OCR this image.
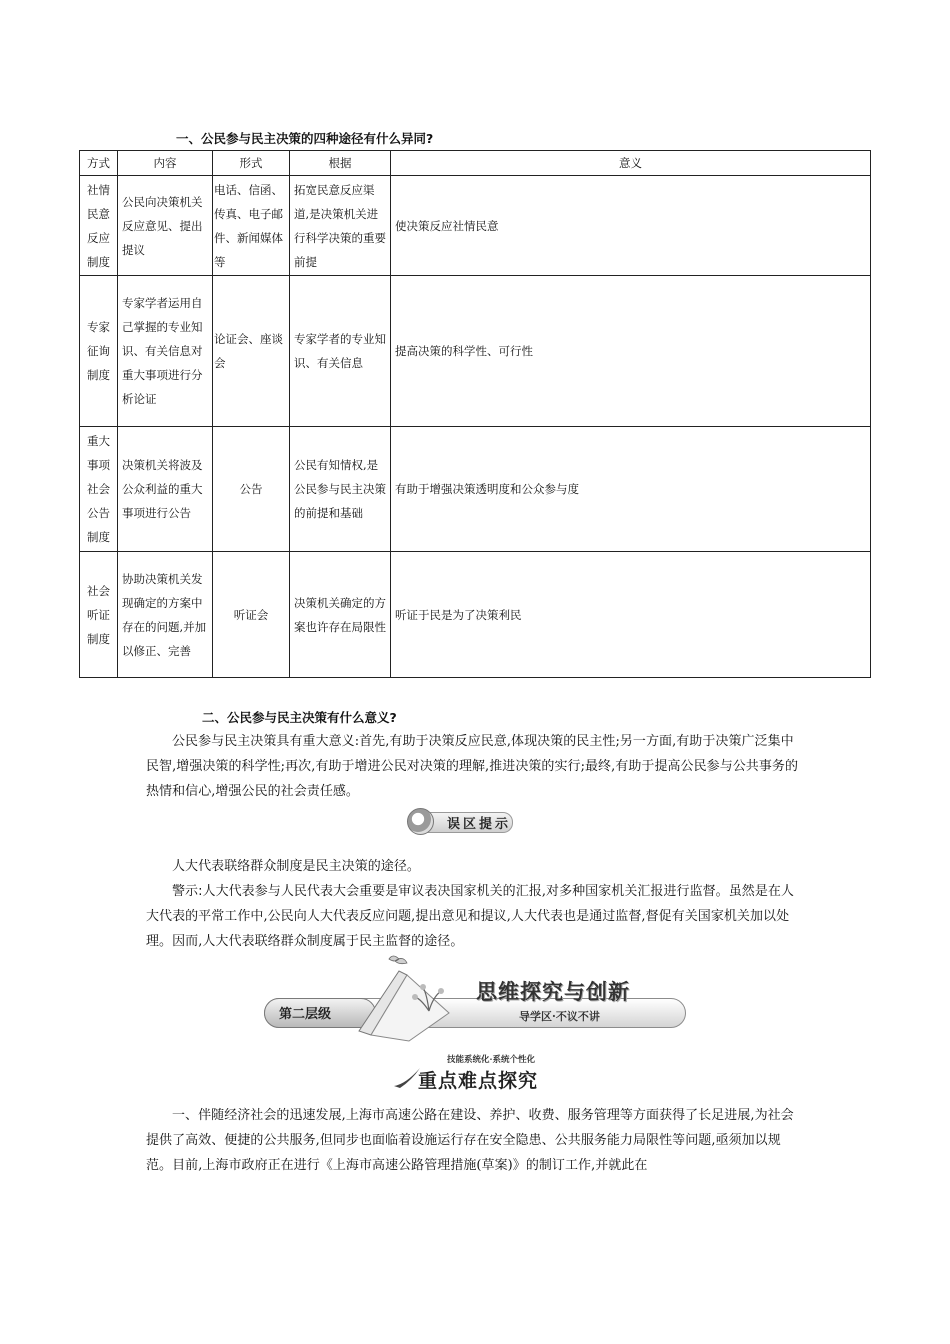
一、公民参与民主决策的四种途径有什么异同?
方式	内容	形式	根据	意义
社情民意反应制度	公民向决策机关反应意见、提出提议	电话、信函、传真、电子邮件、新闻媒体等	拓宽民意反应渠道,是决策机关进行科学决策的重要前提	使决策反应社情民意
专家征询制度	专家学者运用自己掌握的专业知识、有关信息对重大事项进行分析论证	论证会、座谈会	专家学者的专业知识、有关信息	提高决策的科学性、可行性
重大事项社会公告制度	决策机关将波及公众利益的重大事项进行公告	公告	公民有知情权,是公民参与民主决策的前提和基础	有助于增强决策透明度和公众参与度
社会听证制度	协助决策机关发现确定的方案中存在的问题,并加以修正、完善	听证会	决策机关确定的方案也许存在局限性	听证于民是为了决策利民
二、公民参与民主决策有什么意义?
公民参与民主决策具有重大意义:首先,有助于决策反应民意,体现决策的民主性;另一方面,有助于决策广泛集中民智,增强决策的科学性;再次,有助于增进公民对决策的理解,推进决策的实行;最终,有助于提高公民参与公共事务的热情和信心,增强公民的社会责任感。
误区提示
人大代表联络群众制度是民主决策的途径。
警示:人大代表参与人民代表大会重要是审议表决国家机关的汇报,对多种国家机关汇报进行监督。虽然是在人大代表的平常工作中,公民向人大代表反应问题,提出意见和提议,人大代表也是通过监督,督促有关国家机关加以处理。因而,人大代表联络群众制度属于民主监督的途径。
第二层级
思维探究与创新
导学区·不议不讲
技能系统化·系统个性化
重点难点探究
一、伴随经济社会的迅速发展,上海市高速公路在建设、养护、收费、服务管理等方面获得了长足进展,为社会提供了高效、便捷的公共服务,但同步也面临着设施运行存在安全隐患、公共服务能力局限性等问题,亟须加以规范。目前,上海市政府正在进行《上海市高速公路管理措施(草案)》的制订工作,并就此在
